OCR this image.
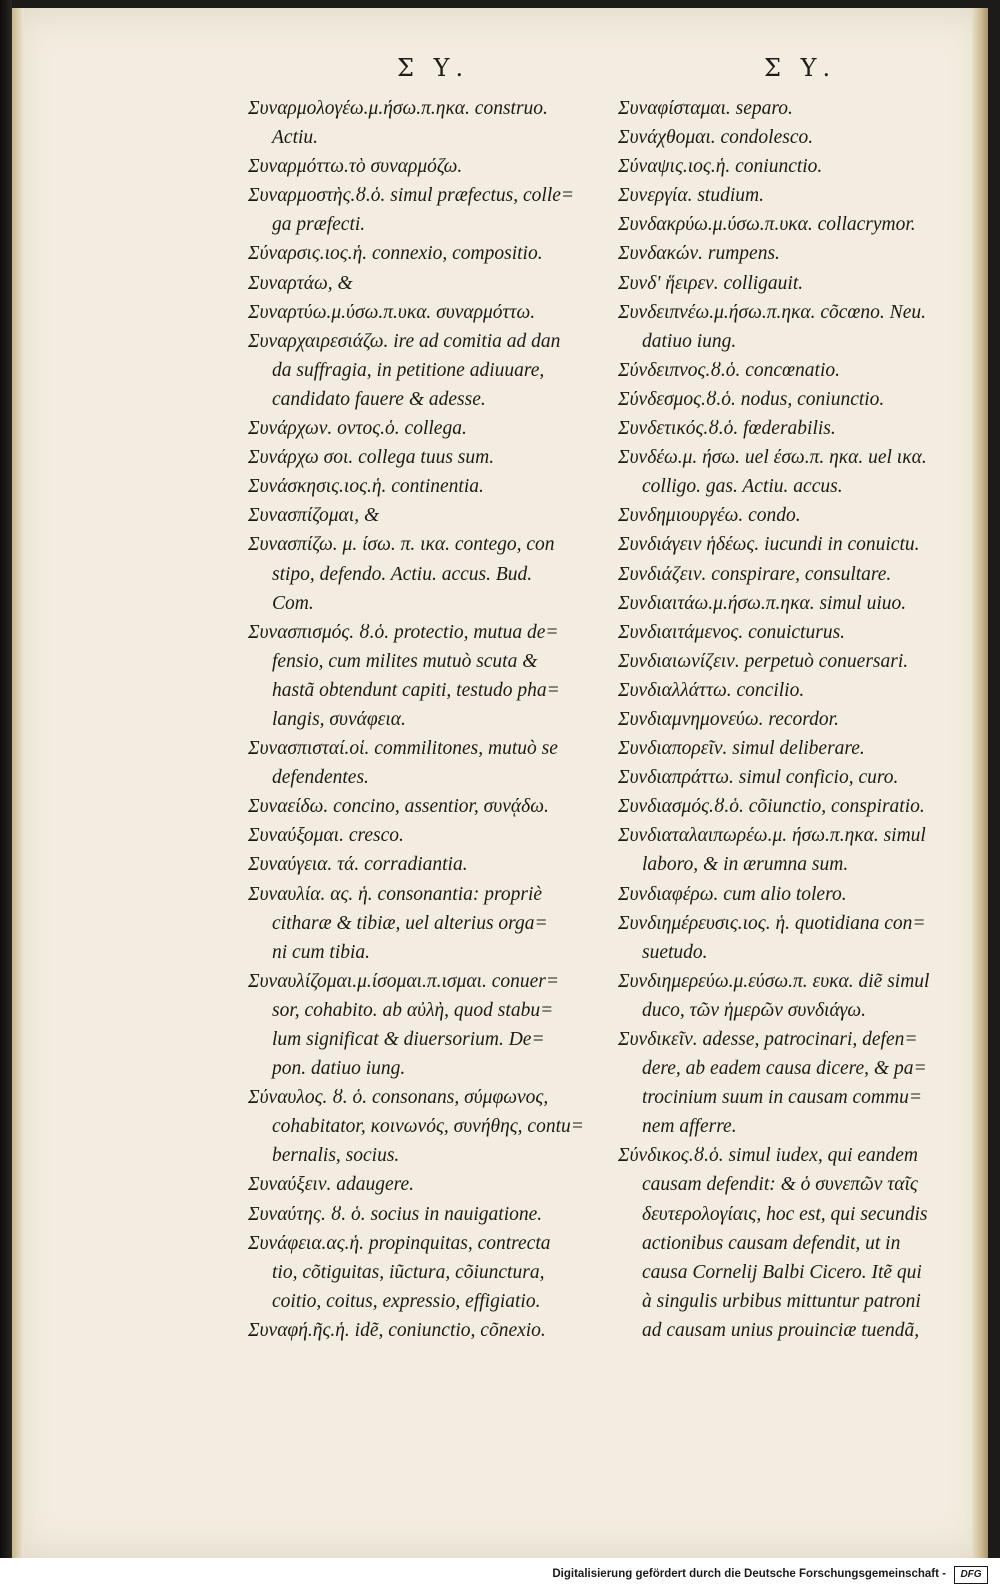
Σ Υ.	Σ Υ.
Συναρμολογέω.μ.ήσω.π.ηκα. construo.
Actiu.
Συναρμόττω.τὸ συναρμόζω.
Συναρμοστὴς.ȣ.ὁ. simul præfectus, colle=
ga præfecti.
Σύναρσις.ιος.ἡ. connexio, compositio.
Συναρτάω, &
Συναρτύω.μ.ύσω.π.υκα. συναρμόττω.
Συναρχαιρεσιάζω. ire ad comitia ad dan
da suffragia, in petitione adiuuare,
candidato fauere & adesse.
Συνάρχων. οντος.ὁ. collega.
Συνάρχω σοι. collega tuus sum.
Συνάσκησις.ιος.ἡ. continentia.
Συνασπίζομαι, &
Συνασπίζω. μ. ίσω. π. ικα. contego, con
stipo, defendo. Actiu. accus. Bud.
Com.
Συνασπισμός. ȣ.ὁ. protectio, mutua de=
fensio, cum milites mutuò scuta &
hastã obtendunt capiti, testudo pha=
langis, συνάφεια.
Συνασπισταί.οἱ. commilitones, mutuò se
defendentes.
Συναείδω. concino, assentior, συνᾴδω.
Συναύξομαι. cresco.
Συναύγεια. τά. corradiantia.
Συναυλία. ας. ἡ. consonantia: propriè
citharæ & tibiæ, uel alterius orga=
ni cum tibia.
Συναυλίζομαι.μ.ίσομαι.π.ισμαι. conuer=
sor, cohabito. ab αὐλὴ, quod stabu=
lum significat & diuersorium. De=
pon. datiuo iung.
Σύναυλος. ȣ. ὁ. consonans, σύμφωνος,
cohabitator, κοινωνός, συνήθης, contu=
bernalis, socius.
Συναύξειν. adaugere.
Συναύτης. ȣ. ὁ. socius in nauigatione.
Συνάφεια.ας.ἡ. propinquitas, contrecta
tio, cõtiguitas, iũctura, cõiunctura,
coitio, coitus, expressio, effigiatio.
Συναφή.ῆς.ἡ. idẽ, coniunctio, cõnexio.
Συναφίσταμαι. separo.
Συνάχθομαι. condolesco.
Σύναψις.ιος.ἡ. coniunctio.
Συνεργία. studium.
Συνδακρύω.μ.ύσω.π.υκα. collacrymor.
Συνδακών. rumpens.
Συνδ' ἥειρεν. colligauit.
Συνδειπνέω.μ.ήσω.π.ηκα. cõcœno. Neu.
datiuo iung.
Σύνδειπνος.ȣ.ὁ. concœnatio.
Σύνδεσμος.ȣ.ὁ. nodus, coniunctio.
Συνδετικός.ȣ.ὁ. fœderabilis.
Συνδέω.μ. ήσω. uel έσω.π. ηκα. uel ικα.
colligo. gas. Actiu. accus.
Συνδημιουργέω. condo.
Συνδιάγειν ἡδέως. iucundi in conuictu.
Συνδιάζειν. conspirare, consultare.
Συνδιαιτάω.μ.ήσω.π.ηκα. simul uiuo.
Συνδιαιτάμενος. conuicturus.
Συνδιαιωνίζειν. perpetuò conuersari.
Συνδιαλλάττω. concilio.
Συνδιαμνημονεύω. recordor.
Συνδιαπορεῖν. simul deliberare.
Συνδιαπράττω. simul conficio, curo.
Συνδιασμός.ȣ.ὁ. cõiunctio, conspiratio.
Συνδιαταλαιπωρέω.μ. ήσω.π.ηκα. simul
laboro, & in ærumna sum.
Συνδιαφέρω. cum alio tolero.
Συνδιημέρευσις.ιος. ἡ. quotidiana con=
suetudo.
Συνδιημερεύω.μ.εύσω.π. ευκα. diẽ simul
duco, τῶν ἡμερῶν συνδιάγω.
Συνδικεῖν. adesse, patrocinari, defen=
dere, ab eadem causa dicere, & pa=
trocinium suum in causam commu=
nem afferre.
Σύνδικος.ȣ.ὁ. simul iudex, qui eandem
causam defendit: & ὁ συνεπῶν ταῖς
δευτερολογίαις, hoc est, qui secundis
actionibus causam defendit, ut in
causa Cornelij Balbi Cicero. Itẽ qui
à singulis urbibus mittuntur patroni
ad causam unius prouinciæ tuendã,
Digitalisierung gefördert durch die Deutsche Forschungsgemeinschaft -	DFG
